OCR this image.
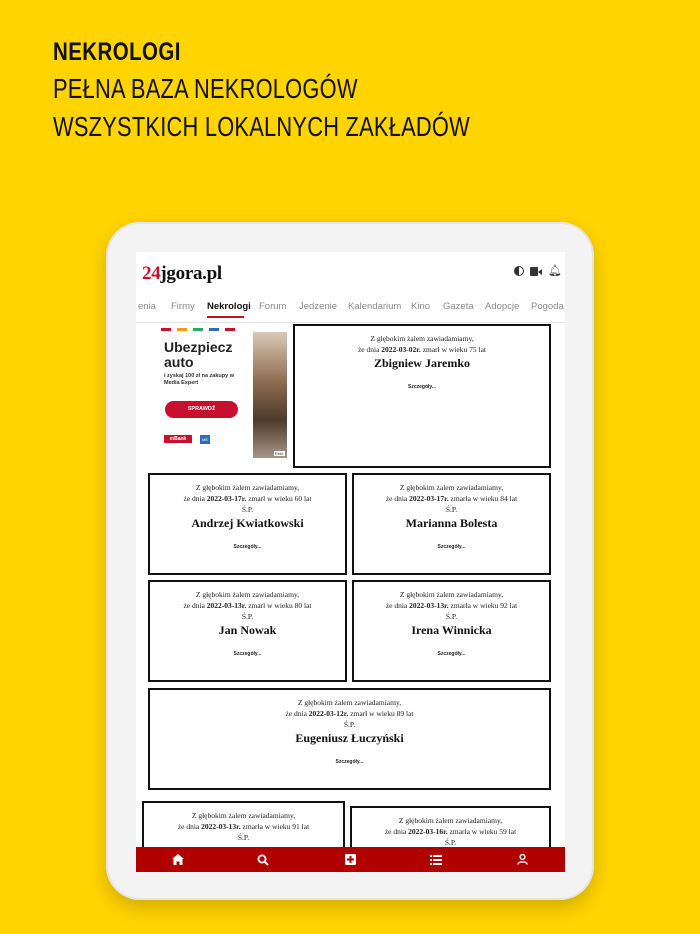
NEKROLOGI
PEŁNA BAZA NEKROLOGÓW
WSZYSTKICH LOKALNYCH ZAKŁADÓW
24jgora.pl	🔔︎
enia Firmy Nekrologi Forum Jedzenie Kalendarium Kino Gazeta Adopcje Pogoda
Ubezpiecz
auto
i zyskaj 100 zł na zakupy w Media Expert
SPRAWDŹ
mBank	ME
Rekl.
Z głębokim żalem zawiadamiamy,
że dnia 2022-03-02r. zmarł w wieku 75 lat
Zbigniew Jaremko
Szczegóły...
Z głębokim żalem zawiadamiamy,
że dnia 2022-03-17r. zmarł w wieku 60 lat
Ś.P.
Andrzej Kwiatkowski
Szczegóły...
Z głębokim żalem zawiadamiamy,
że dnia 2022-03-17r. zmarła w wieku 84 lat
Ś.P.
Marianna Bolesta
Szczegóły...
Z głębokim żalem zawiadamiamy,
że dnia 2022-03-13r. zmarł w wieku 80 lat
Ś.P.
Jan Nowak
Szczegóły...
Z głębokim żalem zawiadamiamy,
że dnia 2022-03-13r. zmarła w wieku 92 lat
Ś.P.
Irena Winnicka
Szczegóły...
Z głębokim żalem zawiadamiamy,
że dnia 2022-03-12r. zmarł w wieku 89 lat
Ś.P.
Eugeniusz Łuczyński
Szczegóły...
Z głębokim żalem zawiadamiamy,
że dnia 2022-03-13r. zmarła w wieku 91 lat
Ś.P.
Z głębokim żalem zawiadamiamy,
że dnia 2022-03-16r. zmarła w wieku 59 lat
Ś.P.
